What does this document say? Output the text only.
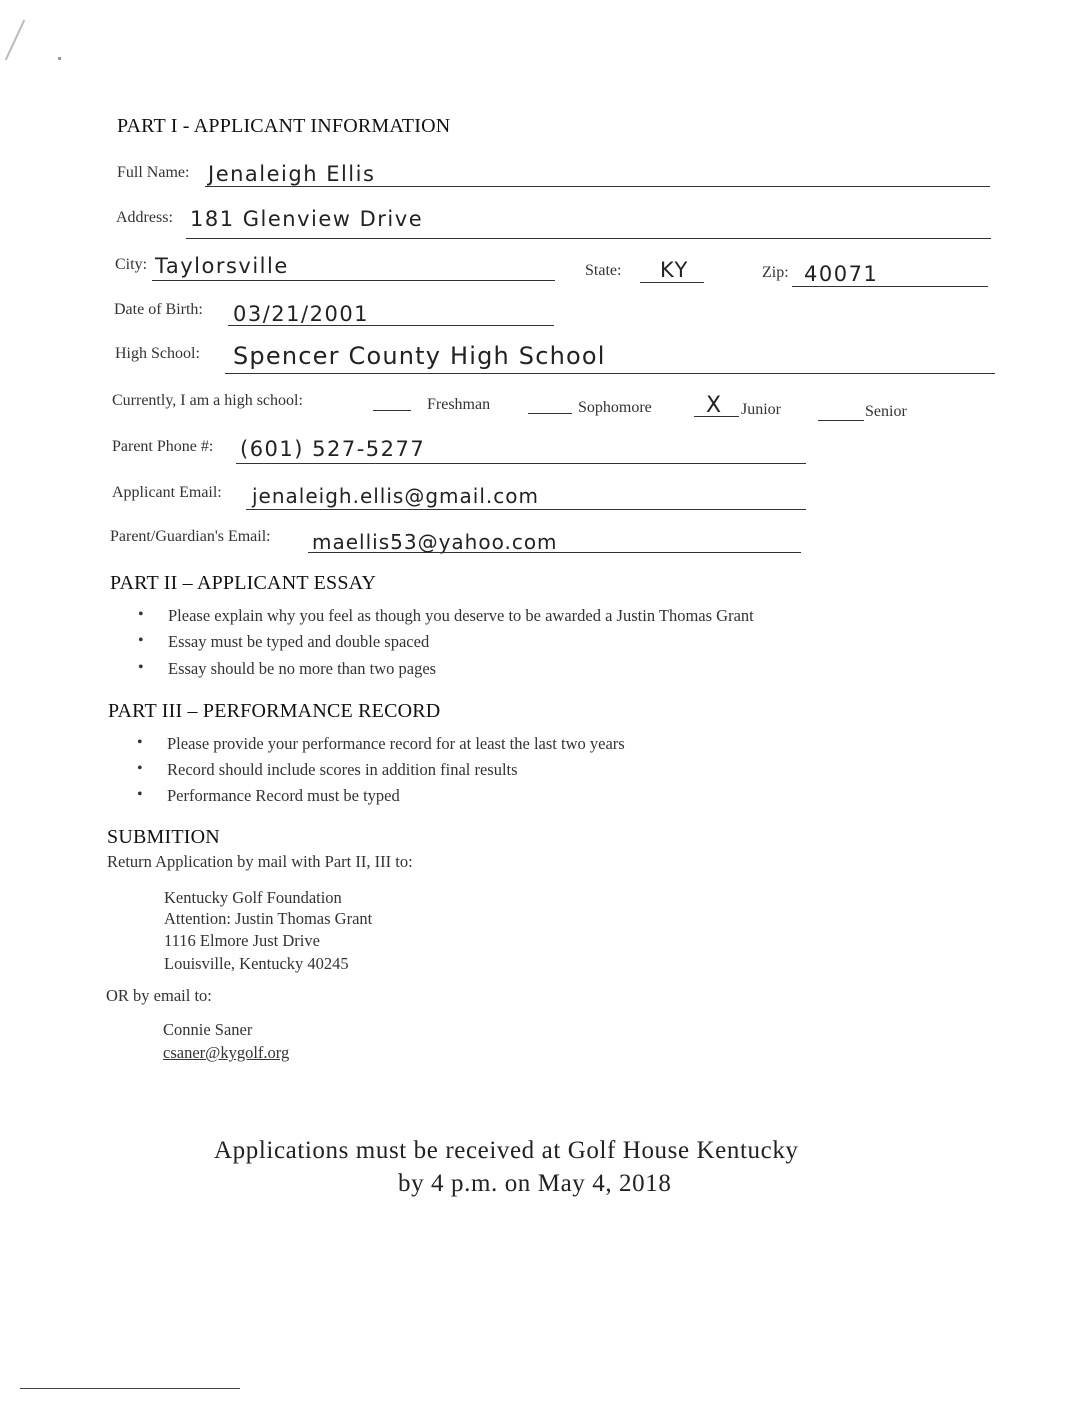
PART I - APPLICANT INFORMATION
Full Name: Jenaleigh Ellis
Address: 181 Glenview Drive
City: Taylorsville	State: KY	Zip: 40071
Date of Birth: 03/21/2001
High School: Spencer County High School
Currently, I am a high school:	Freshman	Sophomore X Junior	Senior
Parent Phone #: (601) 527-5277
Applicant Email: jenaleigh.ellis@gmail.com
Parent/Guardian's Email: maellis53@yahoo.com
PART II – APPLICANT ESSAY
• Please explain why you feel as though you deserve to be awarded a Justin Thomas Grant
• Essay must be typed and double spaced
• Essay should be no more than two pages
PART III – PERFORMANCE RECORD
• Please provide your performance record for at least the last two years
• Record should include scores in addition final results
• Performance Record must be typed
SUBMITION
Return Application by mail with Part II, III to:
Kentucky Golf Foundation
Attention: Justin Thomas Grant
1116 Elmore Just Drive
Louisville, Kentucky 40245
OR by email to:
Connie Saner
csaner@kygolf.org
Applications must be received at Golf House Kentucky
by 4 p.m. on May 4, 2018
